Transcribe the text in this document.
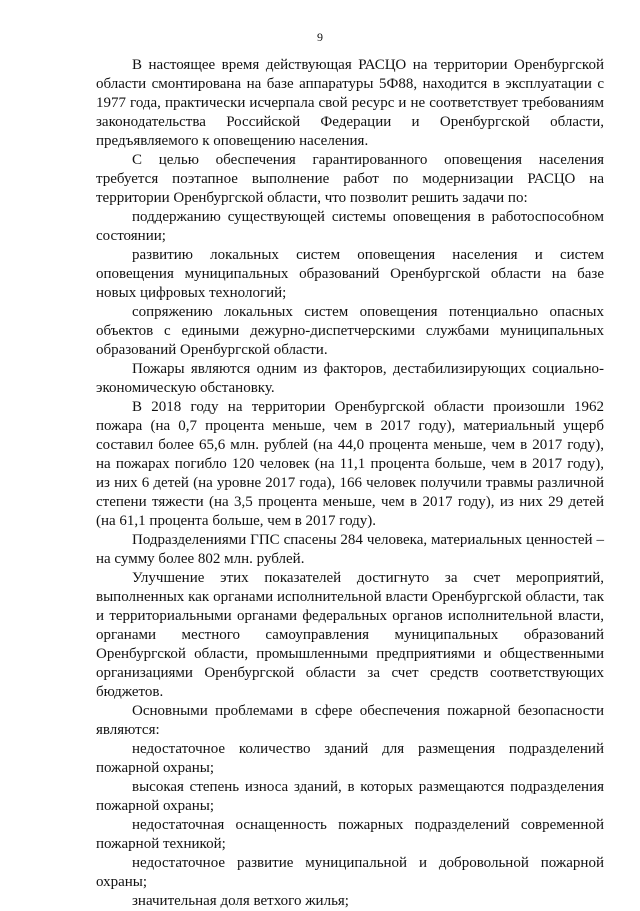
9

В настоящее время действующая РАСЦО на территории Оренбургской области смонтирована на базе аппаратуры 5Ф88, находится в эксплуатации с 1977 года, практически исчерпала свой ресурс и не соответствует требованиям законодательства Российской Федерации и Оренбургской области, предъявляемого к оповещению населения.

С целью обеспечения гарантированного оповещения населения требуется поэтапное выполнение работ по модернизации РАСЦО на территории Оренбургской области, что позволит решить задачи по:

поддержанию существующей системы оповещения в работоспособном состоянии;

развитию локальных систем оповещения населения и систем оповещения муниципальных образований Оренбургской области на базе новых цифровых технологий;

сопряжению локальных систем оповещения потенциально опасных объектов с едиными дежурно-диспетчерскими службами муниципальных образований Оренбургской области.

Пожары являются одним из факторов, дестабилизирующих социально-экономическую обстановку.

В 2018 году на территории Оренбургской области произошли 1962 пожара (на 0,7 процента меньше, чем в 2017 году), материальный ущерб составил более 65,6 млн. рублей (на 44,0 процента меньше, чем в 2017 году), на пожарах погибло 120 человек (на 11,1 процента больше, чем в 2017 году), из них 6 детей (на уровне 2017 года), 166 человек получили травмы различной степени тяжести (на 3,5 процента меньше, чем в 2017 году), из них 29 детей (на 61,1 процента больше, чем в 2017 году).

Подразделениями ГПС спасены 284 человека, материальных ценностей – на сумму более 802 млн. рублей.

Улучшение этих показателей достигнуто за счет мероприятий, выполненных как органами исполнительной власти Оренбургской области, так и территориальными органами федеральных органов исполнительной власти, органами местного самоуправления муниципальных образований Оренбургской области, промышленными предприятиями и общественными организациями Оренбургской области за счет средств соответствующих бюджетов.

Основными проблемами в сфере обеспечения пожарной безопасности являются:

недостаточное количество зданий для размещения подразделений пожарной охраны;

высокая степень износа зданий, в которых размещаются подразделения пожарной охраны;

недостаточная оснащенность пожарных подразделений современной пожарной техникой;

недостаточное развитие муниципальной и добровольной пожарной охраны;

значительная доля ветхого жилья;
